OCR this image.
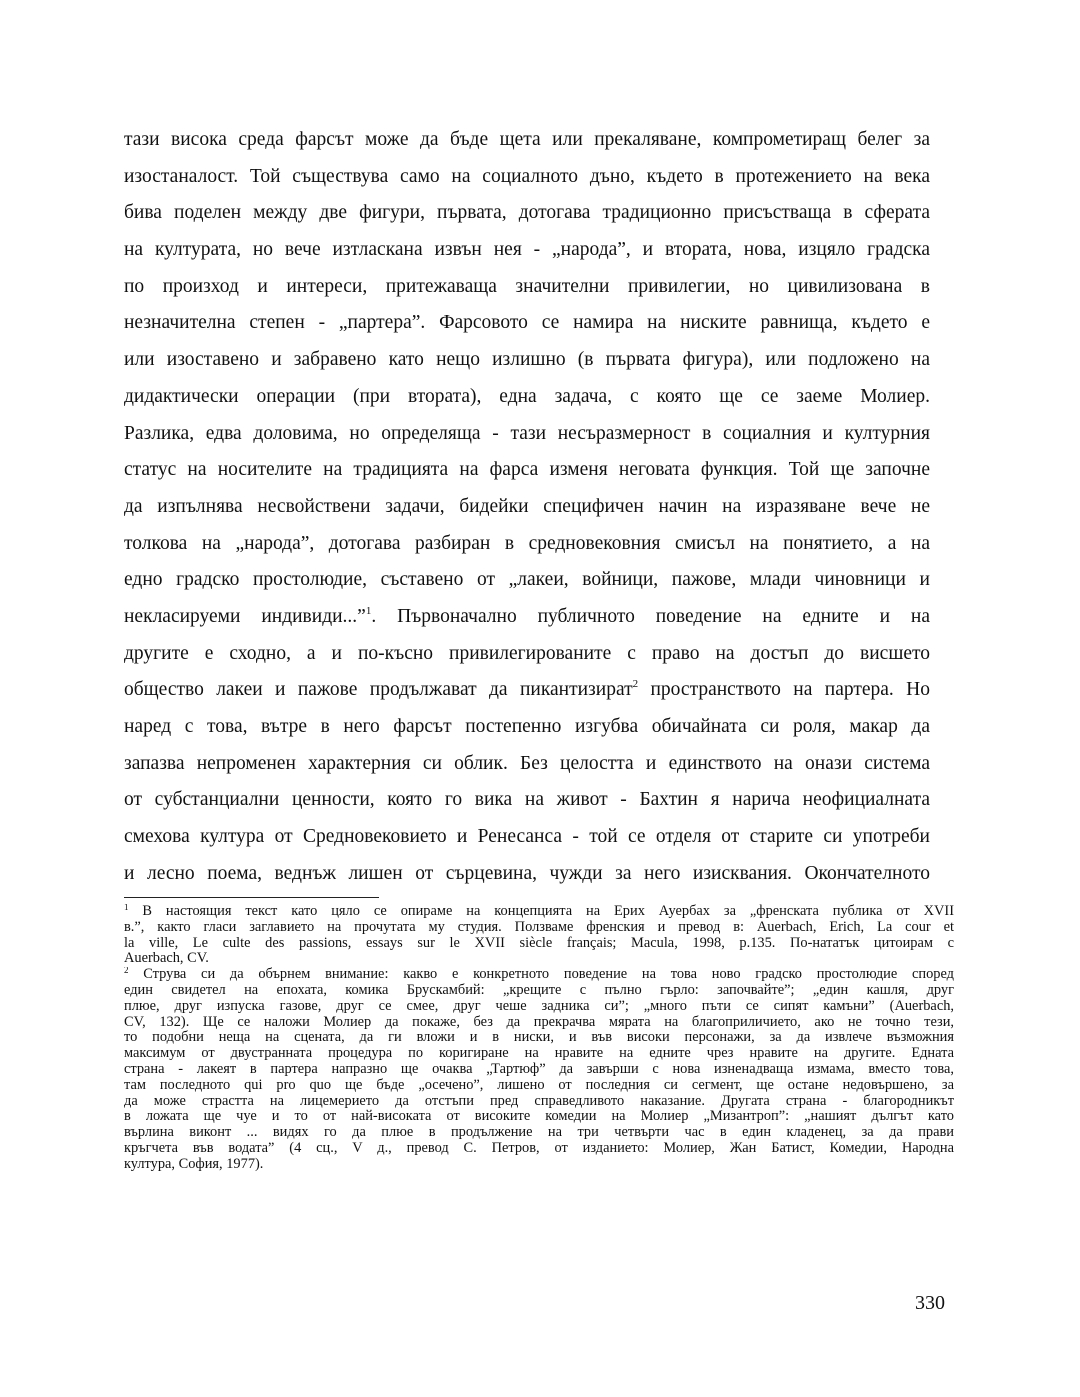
тази висока среда фарсът може да бъде щета или прекаляване, компрометиращ белег за
изостаналост. Той съществува само на социалното дъно, където в протежението на века
бива поделен между две фигури, първата, дотогава традиционно присъстваща в сферата
на културата, но вече изтласкана извън нея - „народа”, и втората, нова, изцяло градска
по произход и интереси, притежаваща значителни привилегии, но цивилизована в
незначителна степен - „партера”. Фарсовото се намира на ниските равнища, където е
или изоставено и забравено като нещо излишно (в първата фигура), или подложено на
дидактически операции (при втората), една задача, с която ще се заеме Молиер.
Разлика, едва доловима, но определяща - тази несъразмерност в социалния и културния
статус на носителите на традицията на фарса изменя неговата функция. Той ще започне
да изпълнява несвойствени задачи, бидейки специфичен начин на изразяване вече не
толкова на „народа”, дотогава разбиран в средновековния смисъл на понятието, а на
едно градско простолюдие, съставено от „лакеи, войници, пажове, млади чиновници и
некласируеми индивиди...”$^1$. Първоначално публичното поведение на едните и на
другите е сходно, а и по-късно привилегированите с право на достъп до висшето
общество лакеи и пажове продължават да пикантизират$^2$ пространството на партера. Но
наред с това, вътре в него фарсът постепенно изгубва обичайната си роля, макар да
запазва непроменен характерния си облик. Без целостта и единството на онази система
от субстанциални ценности, която го вика на живот - Бахтин я нарича неофициалната
смехова култура от Средновековието и Ренесанса - той се отделя от старите си употреби
и лесно поема, веднъж лишен от сърцевина, чужди за него изисквания. Окончателното
$^1$ В настоящия текст като цяло се опираме на концепцията на Ерих Ауербах за „френската публика от XVII
в.”, както гласи заглавието на прочутата му студия. Ползваме френския и превод в: Auerbach, Erich, La cour et
la ville, Le culte des passions, essays sur le XVII siècle français; Macula, 1998, p.135. По-нататък цитоирам с
Auerbach, CV.
$^2$ Струва си да обърнем внимание: какво е конкретното поведение на това ново градско простолюдие според
един свидетел на епохата, комика Брускамбий: „крещите с пълно гърло: започвайте”; „един кашля, друг
плюе, друг изпуска газове, друг се смее, друг чеше задника си”; „много пъти се сипят камъни” (Auerbach,
CV, 132). Ще се наложи Молиер да покаже, без да прекрачва мярата на благоприличието, ако не точно тези,
то подобни неща на сцената, да ги вложи и в ниски, и във високи персонажи, за да извлече възможния
максимум от двустранната процедура по коригиране на нравите на едните чрез нравите на другите. Едната
страна - лакеят в партера напразно ще очаква „Тартюф” да завърши с нова изненадваща измама, вместо това,
там последното qui pro quo ще бъде „осечено”, лишено от последния си сегмент, ще остане недовършено, за
да може страстта на лицемерието да отстъпи пред справедливото наказание. Другата страна - благородникът
в ложата ще чуе и то от най-високата от високите комедии на Молиер „Мизантроп”: „нашият дългът като
върлина виконт ... видях го да плюе в продължение на три четвърти час в един кладенец, за да прави
кръгчета във водата” (4 сц., V д., превод С. Петров, от изданието: Молиер, Жан Батист, Комедии, Народна
култура, София, 1977).
330
